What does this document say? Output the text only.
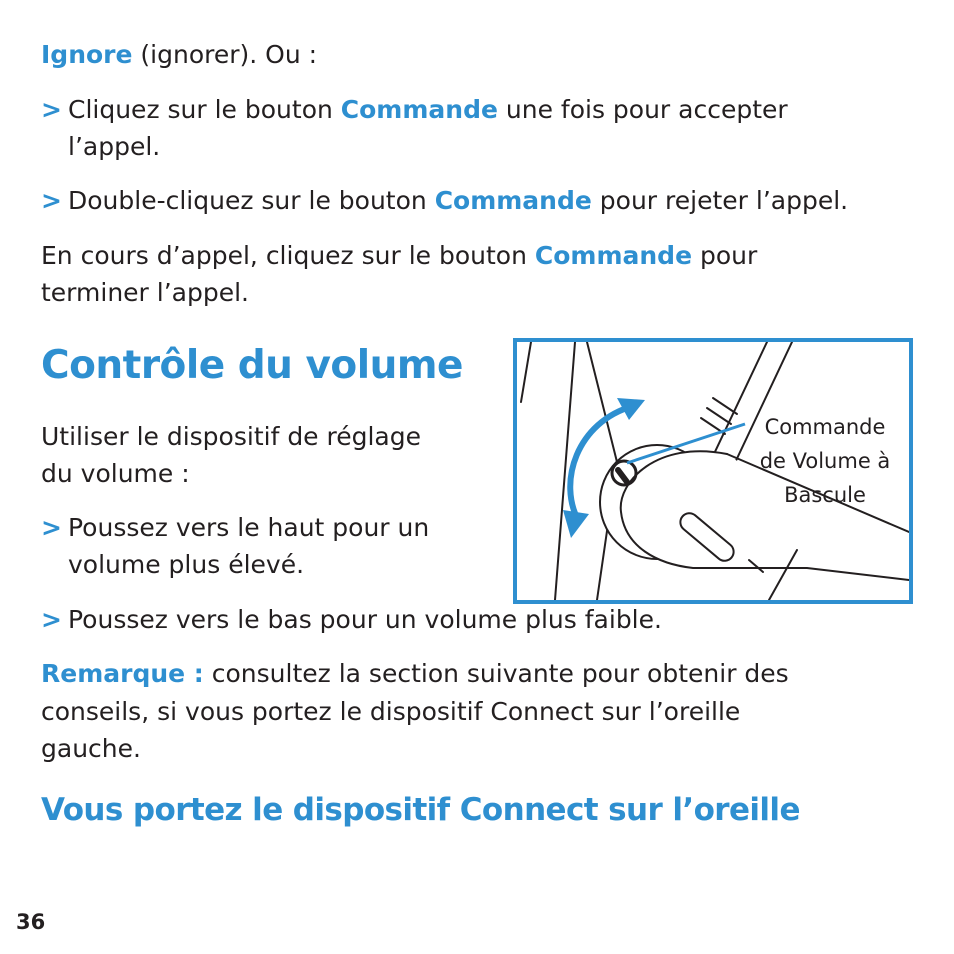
Ignore (ignorer). Ou :

> Cliquez sur le bouton Commande une fois pour accepter

l’appel.

> Double-cliquez sur le bouton Commande pour rejeter l’appel.

En cours d’appel, cliquez sur le bouton Commande pour

terminer l’appel.

Contrôle du volume

Utiliser le dispositif de réglage

du volume :

> Poussez vers le haut pour un

volume plus élevé.

Commande
de Volume à
Bascule
> Poussez vers le bas pour un volume plus faible.

Remarque : consultez la section suivante pour obtenir des

conseils, si vous portez le dispositif Connect sur l’oreille

gauche.

Vous portez le dispositif Connect sur l’oreille
36
